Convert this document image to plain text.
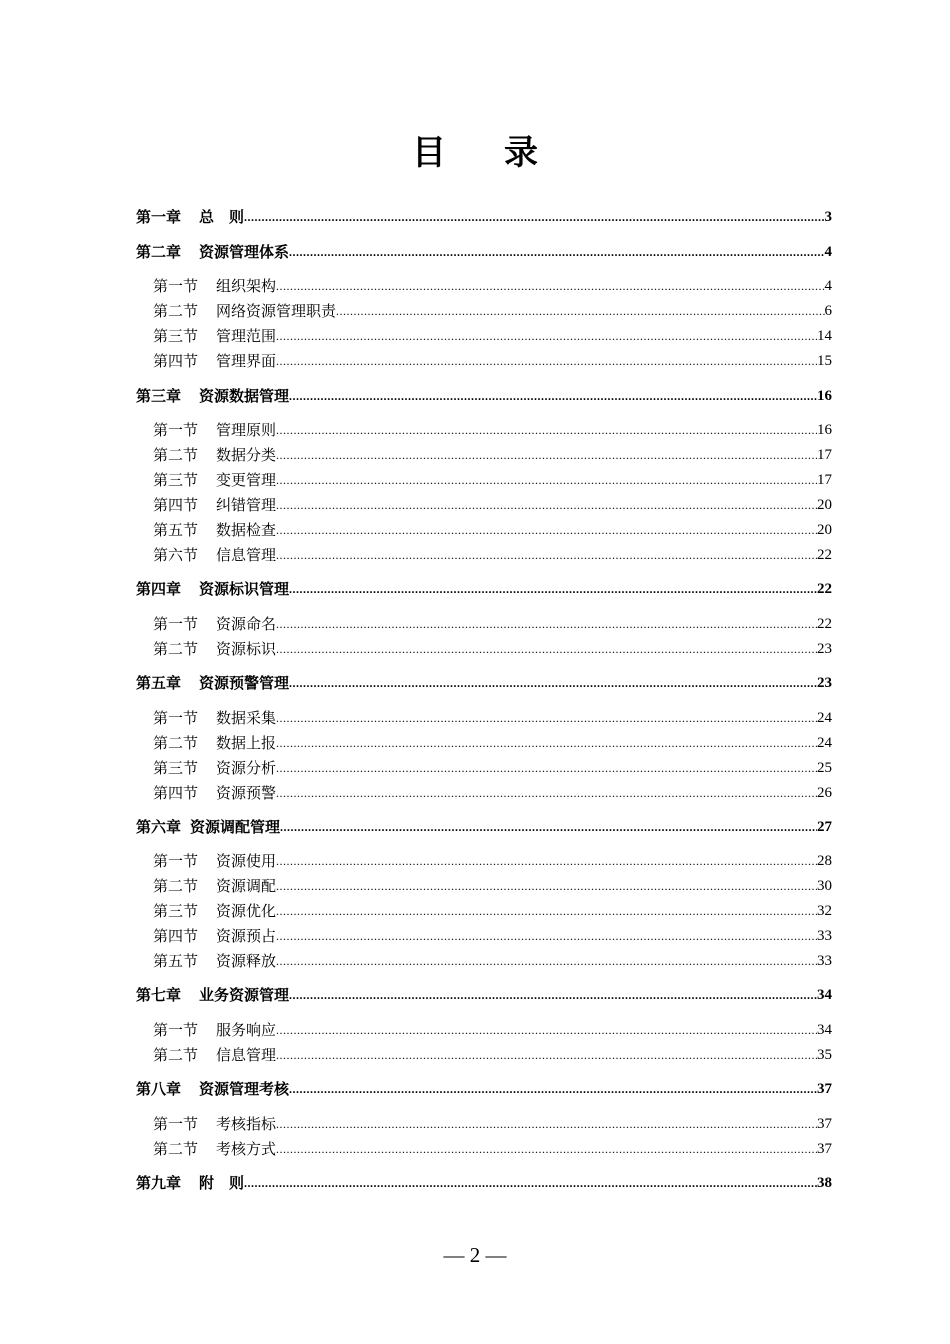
目 录
第一章	总　则 .....	3
第二章	资源管理体系 .....	4
第一节	组织架构 .....	4
第二节	网络资源管理职责 .....	6
第三节	管理范围 .....	14
第四节	管理界面 .....	15
第三章	资源数据管理 .....	16
第一节	管理原则 .....	16
第二节	数据分类 .....	17
第三节	变更管理 .....	17
第四节	纠错管理 .....	20
第五节	数据检查 .....	20
第六节	信息管理 .....	22
第四章	资源标识管理 .....	22
第一节	资源命名 .....	22
第二节	资源标识 .....	23
第五章	资源预警管理 .....	23
第一节	数据采集 .....	24
第二节	数据上报 .....	24
第三节	资源分析 .....	25
第四节	资源预警 .....	26
第六章 资源调配管理 .....	27
第一节	资源使用 .....	28
第二节	资源调配 .....	30
第三节	资源优化 .....	32
第四节	资源预占 .....	33
第五节	资源释放 .....	33
第七章	业务资源管理 .....	34
第一节	服务响应 .....	34
第二节	信息管理 .....	35
第八章	资源管理考核 .....	37
第一节	考核指标 .....	37
第二节	考核方式 .....	37
第九章	附　则 .....	38
— 2 —
